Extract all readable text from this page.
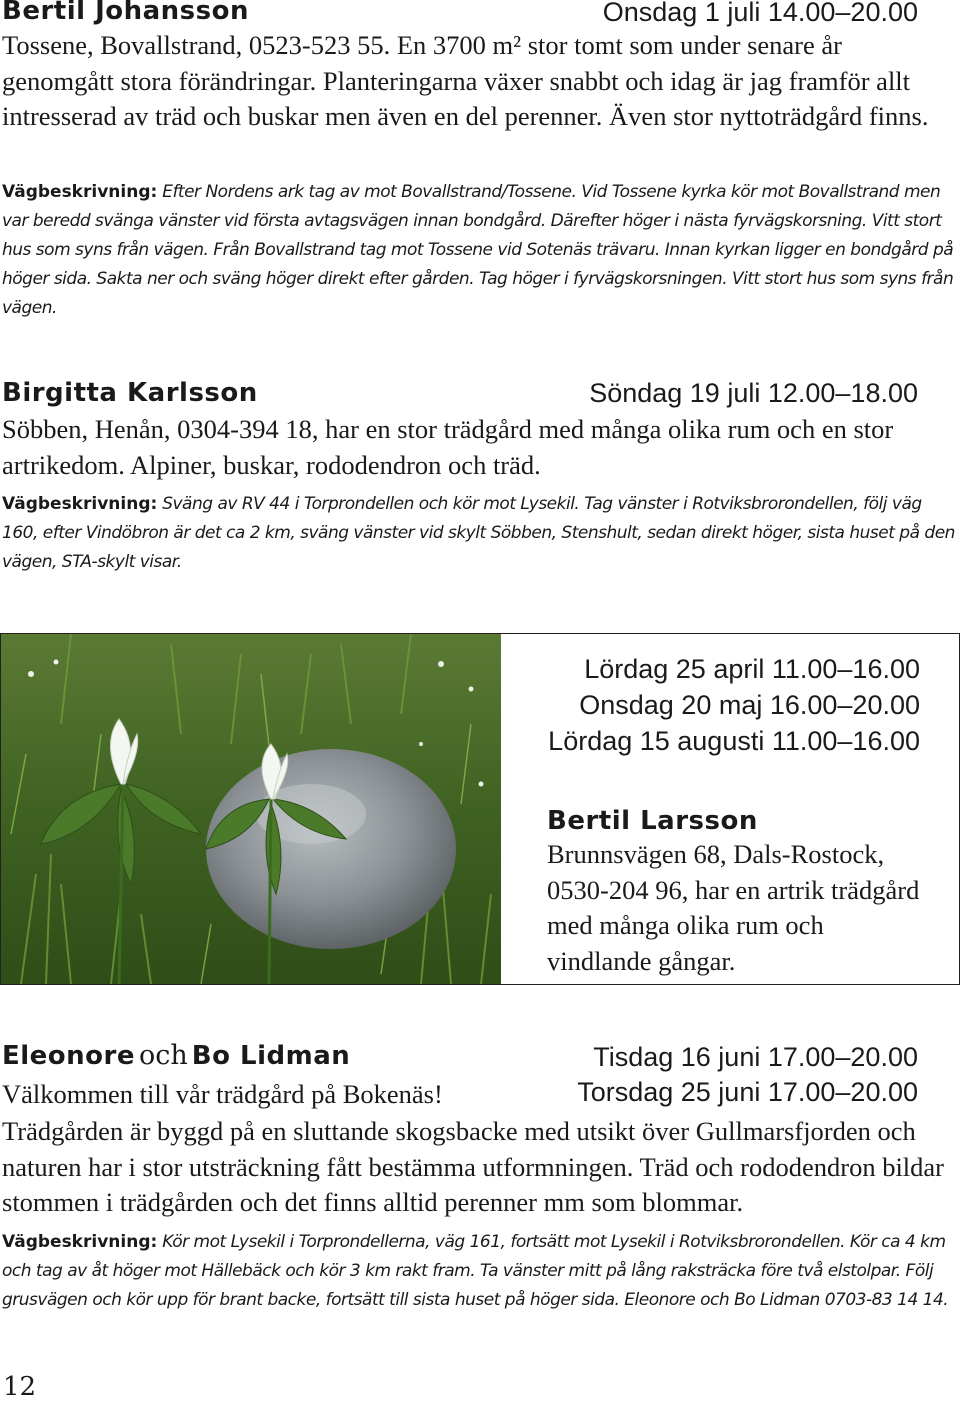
Bertil Johansson	Onsdag 1 juli 14.00–20.00

Tossene, Bovallstrand, 0523-523 55. En 3700 m² stor tomt som under senare år genomgått stora förändringar. Planteringarna växer snabbt och idag är jag framför allt intresserad av träd och buskar men även en del perenner. Även stor nyttoträdgård finns.

Vägbeskrivning: Efter Nordens ark tag av mot Bovallstrand/Tossene. Vid Tossene kyrka kör mot Bovallstrand men var beredd svänga vänster vid första avtagsvägen innan bondgård. Därefter höger i nästa fyrvägskorsning. Vitt stort hus som syns från vägen. Från Bovallstrand tag mot Tossene vid Sotenäs trävaru. Innan kyrkan ligger en bondgård på höger sida. Sakta ner och sväng höger direkt efter gården. Tag höger i fyrvägskorsningen. Vitt stort hus som syns från vägen.
Birgitta Karlsson	Söndag 19 juli 12.00–18.00

Söbben, Henån, 0304-394 18, har en stor trädgård med många olika rum och en stor artrikedom. Alpiner, buskar, rododendron och träd.

Vägbeskrivning: Sväng av RV 44 i Torprondellen och kör mot Lysekil. Tag vänster i Rotviksbrorondellen, följ väg 160, efter Vindöbron är det ca 2 km, sväng vänster vid skylt Söbben, Stenshult, sedan direkt höger, sista huset på den vägen, STA-skylt visar.
Lördag 25 april 11.00–16.00
Onsdag 20 maj 16.00–20.00
Lördag 15 augusti 11.00–16.00
Bertil Larsson
Brunnsvägen 68, Dals-Rostock, 0530-204 96, har en artrik trädgård med många olika rum och vindlande gångar.
Eleonore och Bo Lidman	Tisdag 16 juni 17.00–20.00
Välkommen till vår trädgård på Bokenäs!	Torsdag 25 juni 17.00–20.00

Trädgården är byggd på en sluttande skogsbacke med utsikt över Gullmarsfjorden och naturen har i stor utsträckning fått bestämma utformningen. Träd och rododendron bildar stommen i trädgården och det finns alltid perenner mm som blommar.

Vägbeskrivning: Kör mot Lysekil i Torprondellerna, väg 161, fortsätt mot Lysekil i Rotviksbrorondellen. Kör ca 4 km och tag av åt höger mot Hällebäck och kör 3 km rakt fram. Ta vänster mitt på lång raksträcka före två elstolpar. Följ grusvägen och kör upp för brant backe, fortsätt till sista huset på höger sida. Eleonore och Bo Lidman 0703-83 14 14.
12
